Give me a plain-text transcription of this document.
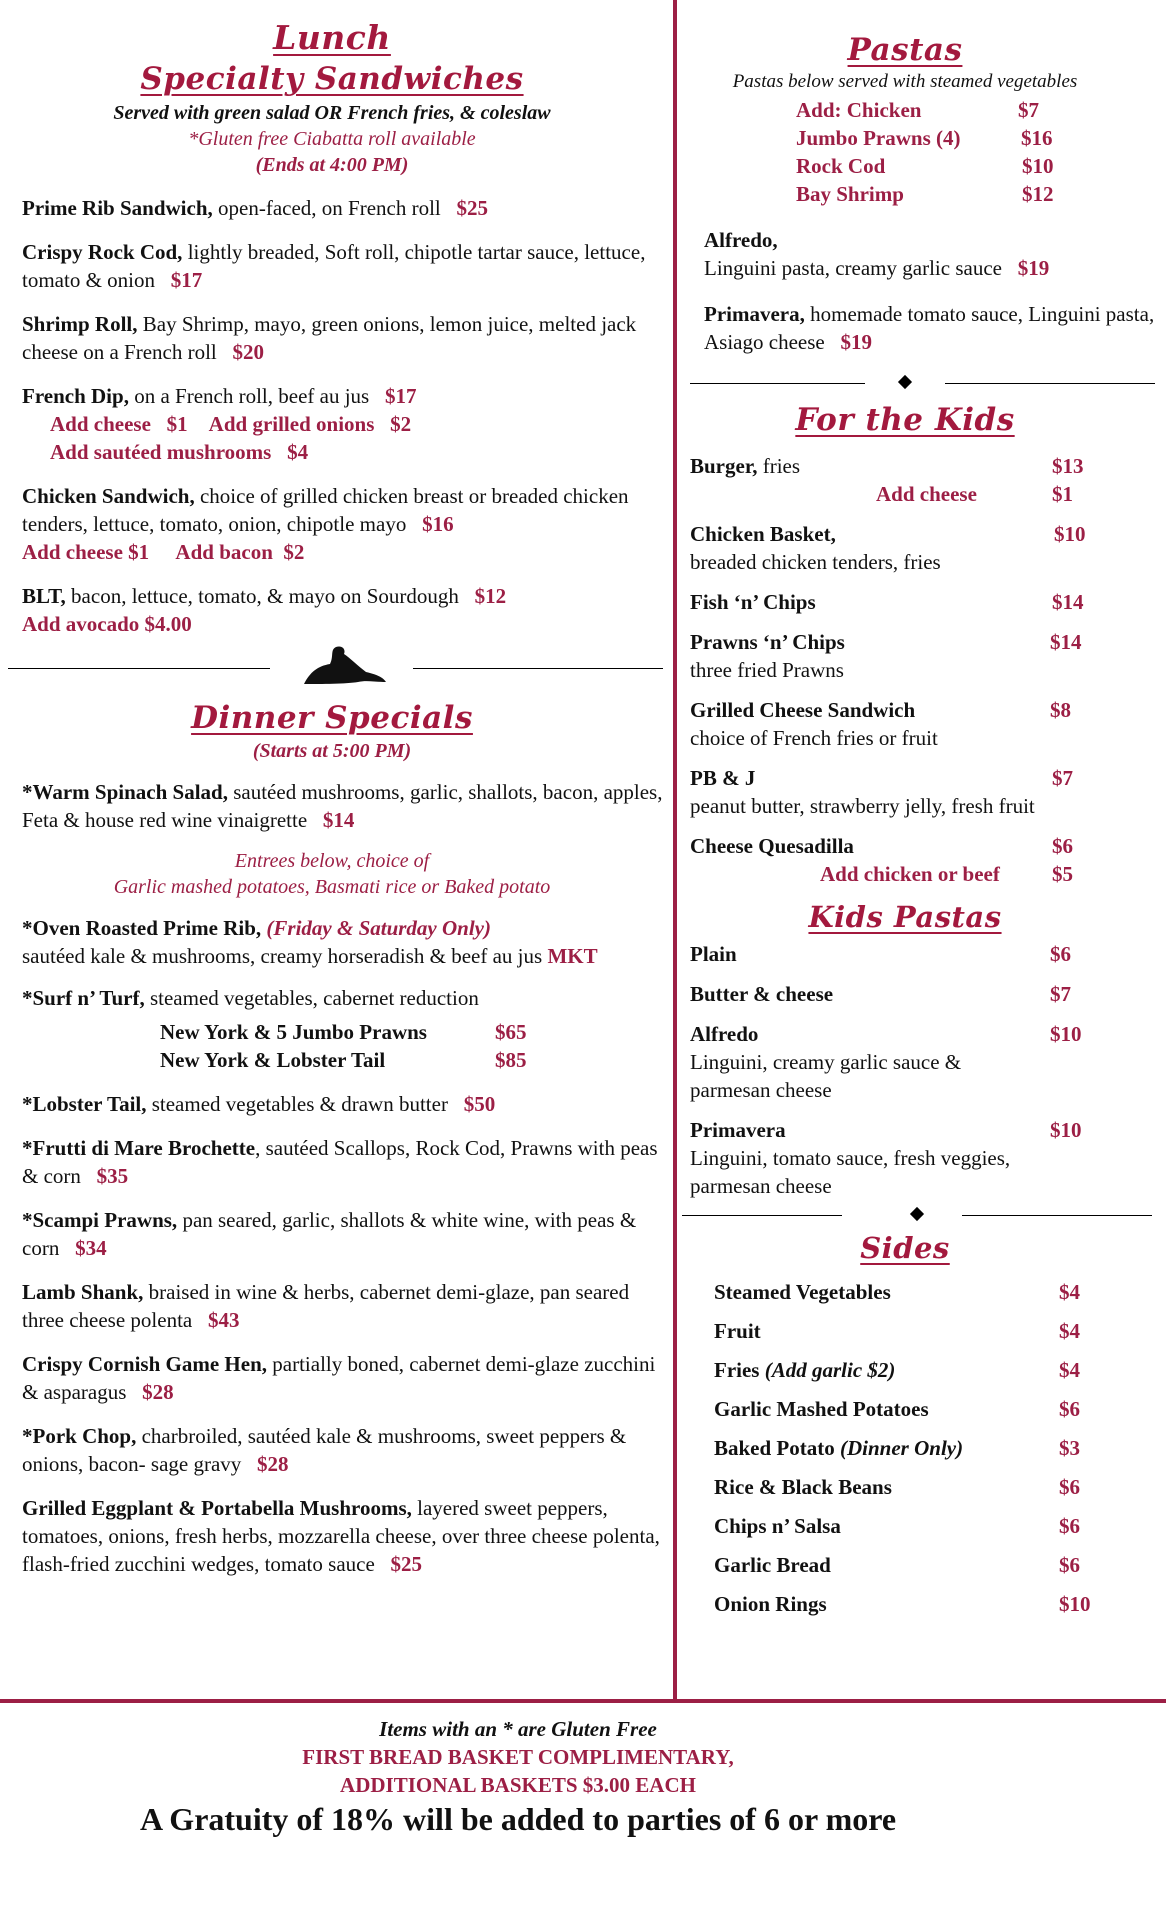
Lunch
Specialty Sandwiches
Served with green salad OR French fries, & coleslaw
*Gluten free Ciabatta roll available
(Ends at 4:00 PM)
Prime Rib Sandwich, open-faced, on French roll $25
Crispy Rock Cod, lightly breaded, Soft roll, chipotle tartar sauce, lettuce, tomato & onion $17
Shrimp Roll, Bay Shrimp, mayo, green onions, lemon juice, melted jack cheese on a French roll $20
French Dip, on a French roll, beef au jus $17
Add cheese $1 Add grilled onions $2
Add sautéed mushrooms $4
Chicken Sandwich, choice of grilled chicken breast or breaded chicken tenders, lettuce, tomato, onion, chipotle mayo $16
Add cheese $1 Add bacon $2
BLT, bacon, lettuce, tomato, & mayo on Sourdough $12
Add avocado $4.00
Dinner Specials
(Starts at 5:00 PM)
*Warm Spinach Salad, sautéed mushrooms, garlic, shallots, bacon, apples, Feta & house red wine vinaigrette $14
Entrees below, choice of
Garlic mashed potatoes, Basmati rice or Baked potato
*Oven Roasted Prime Rib, (Friday & Saturday Only)
sautéed kale & mushrooms, creamy horseradish & beef au jus MKT
*Surf n’ Turf, steamed vegetables, cabernet reduction
New York & 5 Jumbo Prawns	$65
New York & Lobster Tail	$85
*Lobster Tail, steamed vegetables & drawn butter $50
*Frutti di Mare Brochette, sautéed Scallops, Rock Cod, Prawns with peas & corn $35
*Scampi Prawns, pan seared, garlic, shallots & white wine, with peas & corn $34
Lamb Shank, braised in wine & herbs, cabernet demi-glaze, pan seared three cheese polenta $43
Crispy Cornish Game Hen, partially boned, cabernet demi-glaze zucchini & asparagus $28
*Pork Chop, charbroiled, sautéed kale & mushrooms, sweet peppers & onions, bacon- sage gravy $28
Grilled Eggplant & Portabella Mushrooms, layered sweet peppers, tomatoes, onions, fresh herbs, mozzarella cheese, over three cheese polenta, flash-fried zucchini wedges, tomato sauce $25
Pastas
Pastas below served with steamed vegetables
Add: Chicken	$7
Jumbo Prawns (4)	$16
Rock Cod	$10
Bay Shrimp	$12
Alfredo,
Linguini pasta, creamy garlic sauce $19
Primavera, homemade tomato sauce, Linguini pasta, Asiago cheese $19
For the Kids
Burger, fries	$13
Add cheese	$1
Chicken Basket,	$10
breaded chicken tenders, fries
Fish ‘n’ Chips	$14
Prawns ‘n’ Chips	$14
three fried Prawns
Grilled Cheese Sandwich	$8
choice of French fries or fruit
PB & J	$7
peanut butter, strawberry jelly, fresh fruit
Cheese Quesadilla	$6
Add chicken or beef	$5
Kids Pastas
Plain	$6
Butter & cheese	$7
Alfredo	$10
Linguini, creamy garlic sauce & parmesan cheese
Primavera	$10
Linguini, tomato sauce, fresh veggies, parmesan cheese
Sides
Steamed Vegetables	$4
Fruit	$4
Fries (Add garlic $2)	$4
Garlic Mashed Potatoes	$6
Baked Potato (Dinner Only)	$3
Rice & Black Beans	$6
Chips n’ Salsa	$6
Garlic Bread	$6
Onion Rings	$10
Items with an * are Gluten Free
FIRST BREAD BASKET COMPLIMENTARY,
ADDITIONAL BASKETS $3.00 EACH
A Gratuity of 18% will be added to parties of 6 or more
